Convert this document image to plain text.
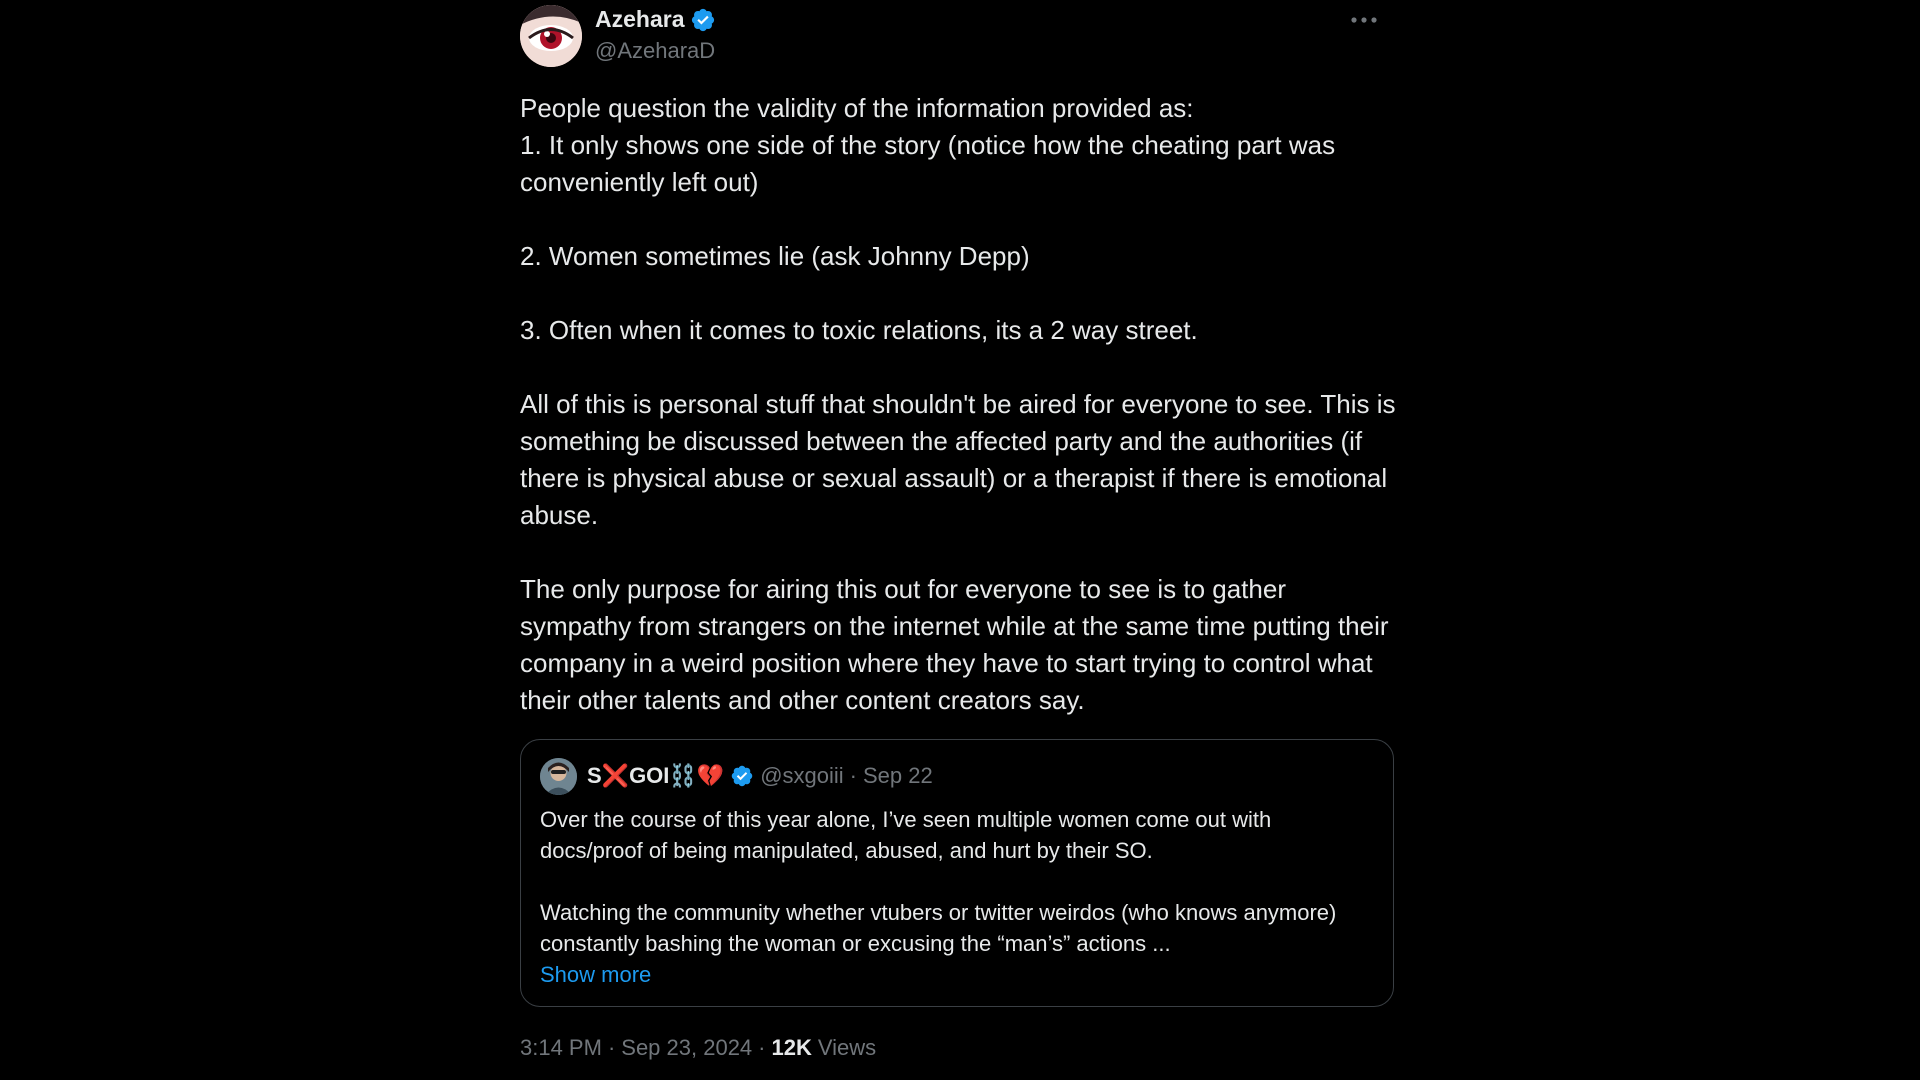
Azehara
@AzeharaD

People question the validity of the information provided as:

1. It only shows one side of the story (notice how the cheating part was conveniently left out)

2. Women sometimes lie (ask Johnny Depp)

3. Often when it comes to toxic relations, its a 2 way street.

All of this is personal stuff that shouldn't be aired for everyone to see. This is something be discussed between the affected party and the authorities (if there is physical abuse or sexual assault) or a therapist if there is emotional abuse.

The only purpose for airing this out for everyone to see is to gather sympathy from strangers on the internet while at the same time putting their company in a weird position where they have to start trying to control what their other talents and other content creators say.

S❌GOI⛓️💔 @sxgoiii · Sep 22

Over the course of this year alone, I’ve seen multiple women come out with docs/proof of being manipulated, abused, and hurt by their SO.

Watching the community whether vtubers or twitter weirdos (who knows anymore) constantly bashing the woman or excusing the “man’s” actions ...

Show more
3:14 PM · Sep 23, 2024 · 12K Views
